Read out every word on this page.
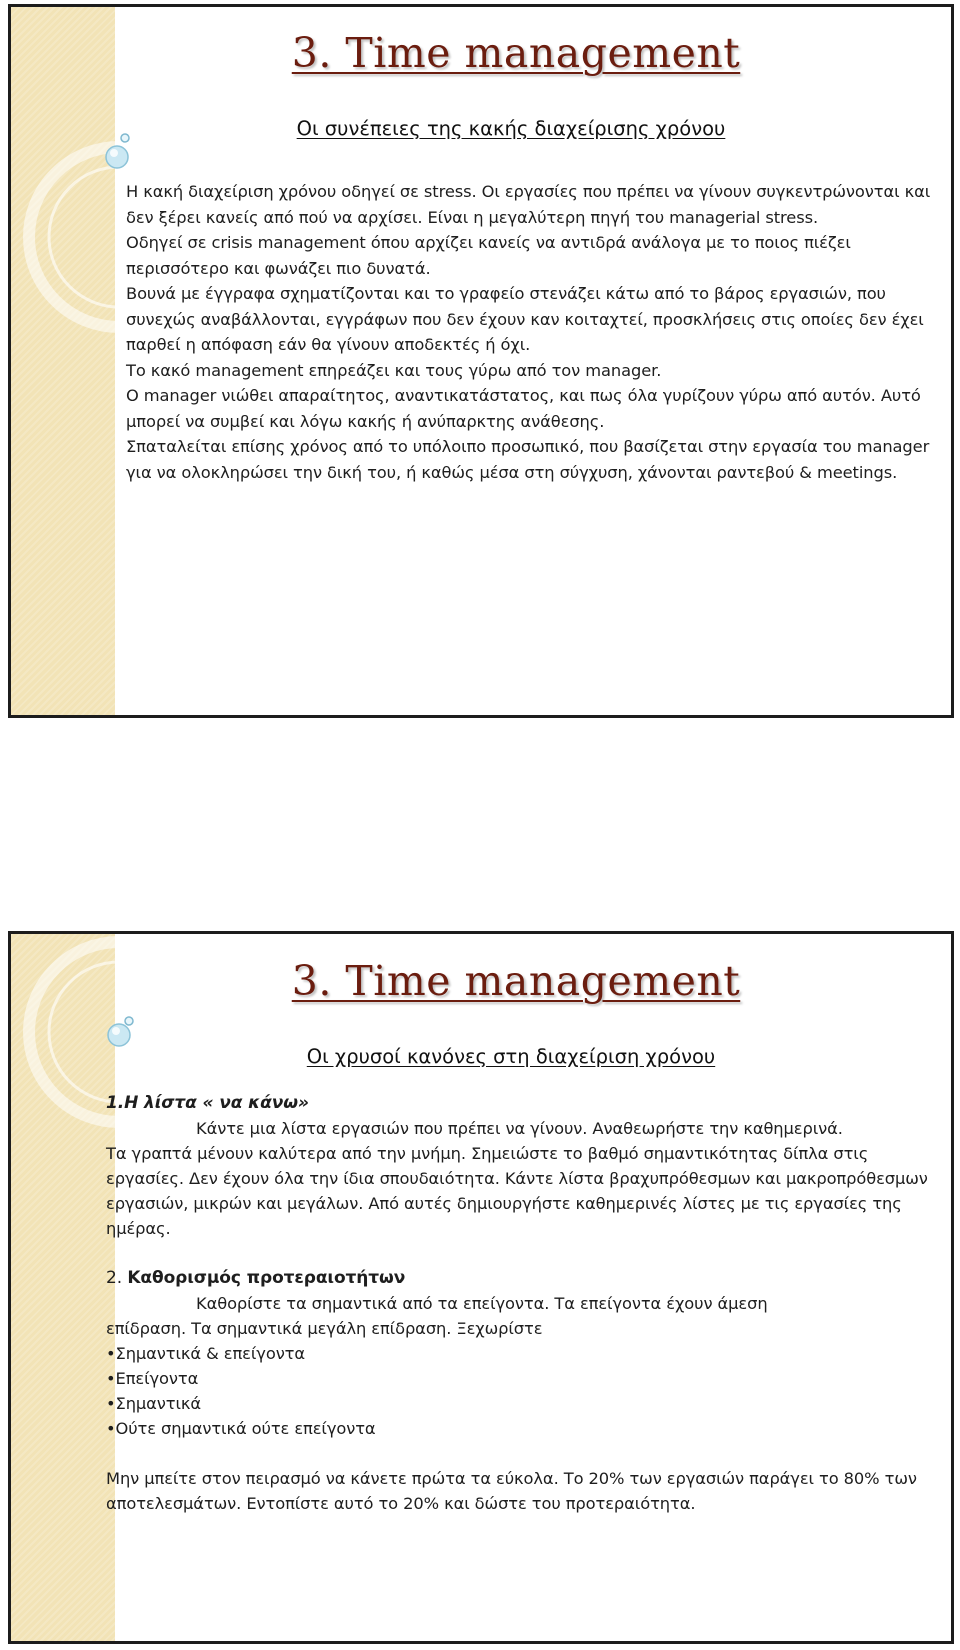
3. Time management
Οι συνέπειες της κακής διαχείρισης χρόνου

Η κακή διαχείριση χρόνου οδηγεί σε stress. Οι εργασίες που πρέπει να γίνουν συγκεντρώνονται και δεν ξέρει κανείς από πού να αρχίσει. Είναι η μεγαλύτερη πηγή του managerial stress.

Οδηγεί σε crisis management όπου αρχίζει κανείς να αντιδρά ανάλογα με το ποιος πιέζει περισσότερο και φωνάζει πιο δυνατά.

Βουνά με έγγραφα σχηματίζονται και το γραφείο στενάζει κάτω από το βάρος εργασιών, που συνεχώς αναβάλλονται, εγγράφων που δεν έχουν καν κοιταχτεί, προσκλήσεις στις οποίες δεν έχει παρθεί η απόφαση εάν θα γίνουν αποδεκτές ή όχι.

Το κακό management επηρεάζει και τους γύρω από τον manager.

Ο manager νιώθει απαραίτητος, αναντικατάστατος, και πως όλα γυρίζουν γύρω από αυτόν. Αυτό μπορεί να συμβεί και λόγω κακής ή ανύπαρκτης ανάθεσης.

Σπαταλείται επίσης χρόνος από το υπόλοιπο προσωπικό, που βασίζεται στην εργασία του manager για να ολοκληρώσει την δική του, ή καθώς μέσα στη σύγχυση, χάνονται ραντεβού & meetings.

3. Time management
Οι χρυσοί κανόνες στη διαχείριση χρόνου

1.Η λίστα « να κάνω»

Κάντε μια λίστα εργασιών που πρέπει να γίνουν. Αναθεωρήστε την καθημερινά.

Τα γραπτά μένουν καλύτερα από την μνήμη. Σημειώστε το βαθμό σημαντικότητας δίπλα στις εργασίες. Δεν έχουν όλα την ίδια σπουδαιότητα. Κάντε λίστα βραχυπρόθεσμων και μακροπρόθεσμων εργασιών, μικρών και μεγάλων. Από αυτές δημιουργήστε καθημερινές λίστες με τις εργασίες της ημέρας.

2. Καθορισμός προτεραιοτήτων

Καθορίστε τα σημαντικά από τα επείγοντα. Τα επείγοντα έχουν άμεση

επίδραση. Τα σημαντικά μεγάλη επίδραση. Ξεχωρίστε

•Σημαντικά & επείγοντα

•Επείγοντα

•Σημαντικά

•Ούτε σημαντικά ούτε επείγοντα

Μην μπείτε στον πειρασμό να κάνετε πρώτα τα εύκολα. Το 20% των εργασιών παράγει το 80% των αποτελεσμάτων. Εντοπίστε αυτό το 20% και δώστε του προτεραιότητα.
